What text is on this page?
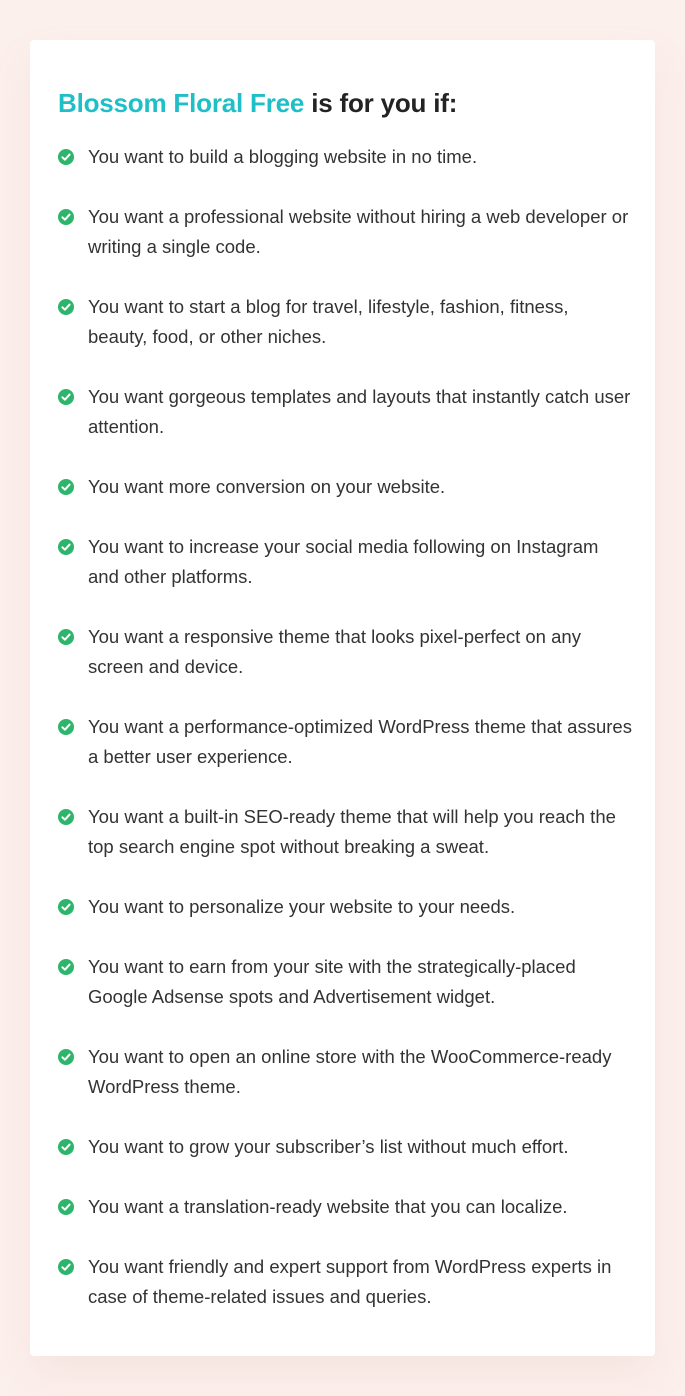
Blossom Floral Free is for you if:
You want to build a blogging website in no time.
You want a professional website without hiring a web developer or writing a single code.
You want to start a blog for travel, lifestyle, fashion, fitness, beauty, food, or other niches.
You want gorgeous templates and layouts that instantly catch user attention.
You want more conversion on your website.
You want to increase your social media following on Instagram and other platforms.
You want a responsive theme that looks pixel-perfect on any screen and device.
You want a performance-optimized WordPress theme that assures a better user experience.
You want a built-in SEO-ready theme that will help you reach the top search engine spot without breaking a sweat.
You want to personalize your website to your needs.
You want to earn from your site with the strategically-placed Google Adsense spots and Advertisement widget.
You want to open an online store with the WooCommerce-ready WordPress theme.
You want to grow your subscriber’s list without much effort.
You want a translation-ready website that you can localize.
You want friendly and expert support from WordPress experts in case of theme-related issues and queries.
